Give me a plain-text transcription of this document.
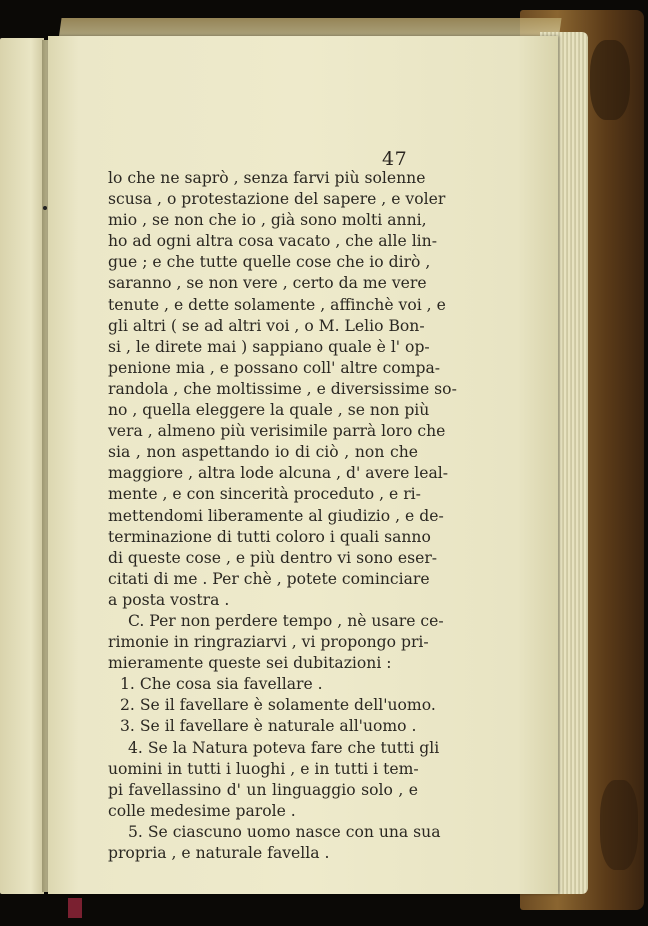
47
lo che ne saprò , senza farvi più solenne
scusa , o protestazione del sapere , e voler
mio , se non che io , già sono molti anni,
ho ad ogni altra cosa vacato , che alle lin-
gue ; e che tutte quelle cose che io dirò ,
saranno , se non vere , certo da me vere
tenute , e dette solamente , affinchè voi , e
gli altri ( se ad altri voi , o M. Lelio Bon-
si , le direte mai ) sappiano quale è l' op-
penione mia , e possano coll' altre compa-
randola , che moltissime , e diversissime so-
no , quella eleggere la quale , se non più
vera , almeno più verisimile parrà loro che
sia , non aspettando io di ciò , non che
maggiore , altra lode alcuna , d' avere leal-
mente , e con sincerità proceduto , e ri-
mettendomi liberamente al giudizio , e de-
terminazione di tutti coloro i quali sanno
di queste cose , e più dentro vi sono eser-
citati di me . Per chè , potete cominciare
a posta vostra .
C. Per non perdere tempo , nè usare ce-
rimonie in ringraziarvi , vi propongo pri-
mieramente queste sei dubitazioni :
1. Che cosa sia favellare .
2. Se il favellare è solamente dell'uomo.
3. Se il favellare è naturale all'uomo .
4. Se la Natura poteva fare che tutti gli
uomini in tutti i luoghi , e in tutti i tem-
pi favellassino d' un linguaggio solo , e
colle medesime parole .
5. Se ciascuno uomo nasce con una sua
propria , e naturale favella .
